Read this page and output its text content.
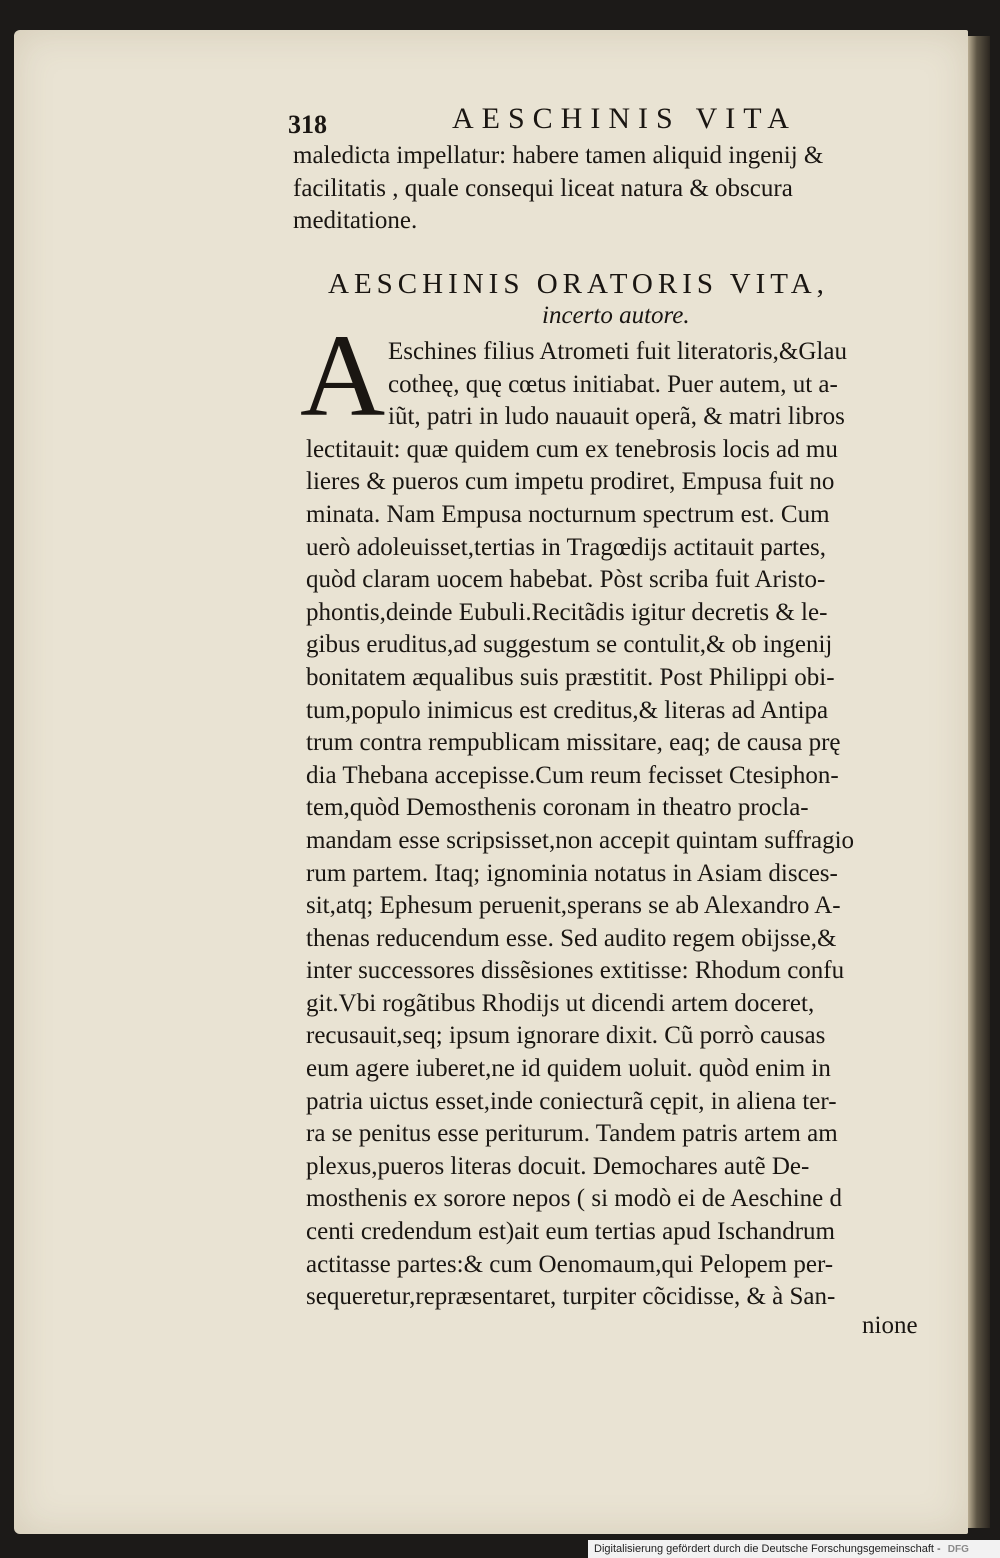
318	AESCHINIS VITA
maledicta impellatur: habere tamen aliquid ingenij &
facilitatis , quale consequi liceat natura & obscura
meditatione.
AESCHINIS ORATORIS VITA,
incerto autore.
A Eschines filius Atrometi fuit literatoris,&Glau
cotheę, quę cœtus initiabat. Puer autem, ut a-
iũt, patri in ludo nauauit operã, & matri libros
lectitauit: quæ quidem cum ex tenebrosis locis ad mu
lieres & pueros cum impetu prodiret, Empusa fuit no
minata. Nam Empusa nocturnum spectrum est. Cum
uerò adoleuisset,tertias in Tragœdijs actitauit partes,
quòd claram uocem habebat. Pòst scriba fuit Aristo-
phontis,deinde Eubuli.Recitãdis igitur decretis & le-
gibus eruditus,ad suggestum se contulit,& ob ingenij
bonitatem æqualibus suis præstitit. Post Philippi obi-
tum,populo inimicus est creditus,& literas ad Antipa
trum contra rempublicam missitare, eaq; de causa prę
dia Thebana accepisse.Cum reum fecisset Ctesiphon-
tem,quòd Demosthenis coronam in theatro procla-
mandam esse scripsisset,non accepit quintam suffragio
rum partem. Itaq; ignominia notatus in Asiam disces-
sit,atq; Ephesum peruenit,sperans se ab Alexandro A-
thenas reducendum esse. Sed audito regem obijsse,&
inter successores dissẽsiones extitisse: Rhodum confu
git.Vbi rogãtibus Rhodijs ut dicendi artem doceret,
recusauit,seq; ipsum ignorare dixit. Cũ porrò causas
eum agere iuberet,ne id quidem uoluit. quòd enim in
patria uictus esset,inde coniecturã cępit, in aliena ter-
ra se penitus esse periturum. Tandem patris artem am
plexus,pueros literas docuit. Demochares autẽ De-
mosthenis ex sorore nepos ( si modò ei de Aeschine d
centi credendum est)ait eum tertias apud Ischandrum
actitasse partes:& cum Oenomaum,qui Pelopem per-
sequeretur,repræsentaret, turpiter cõcidisse, & à San-
nione
Digitalisierung gefördert durch die Deutsche Forschungsgemeinschaft - DFG
